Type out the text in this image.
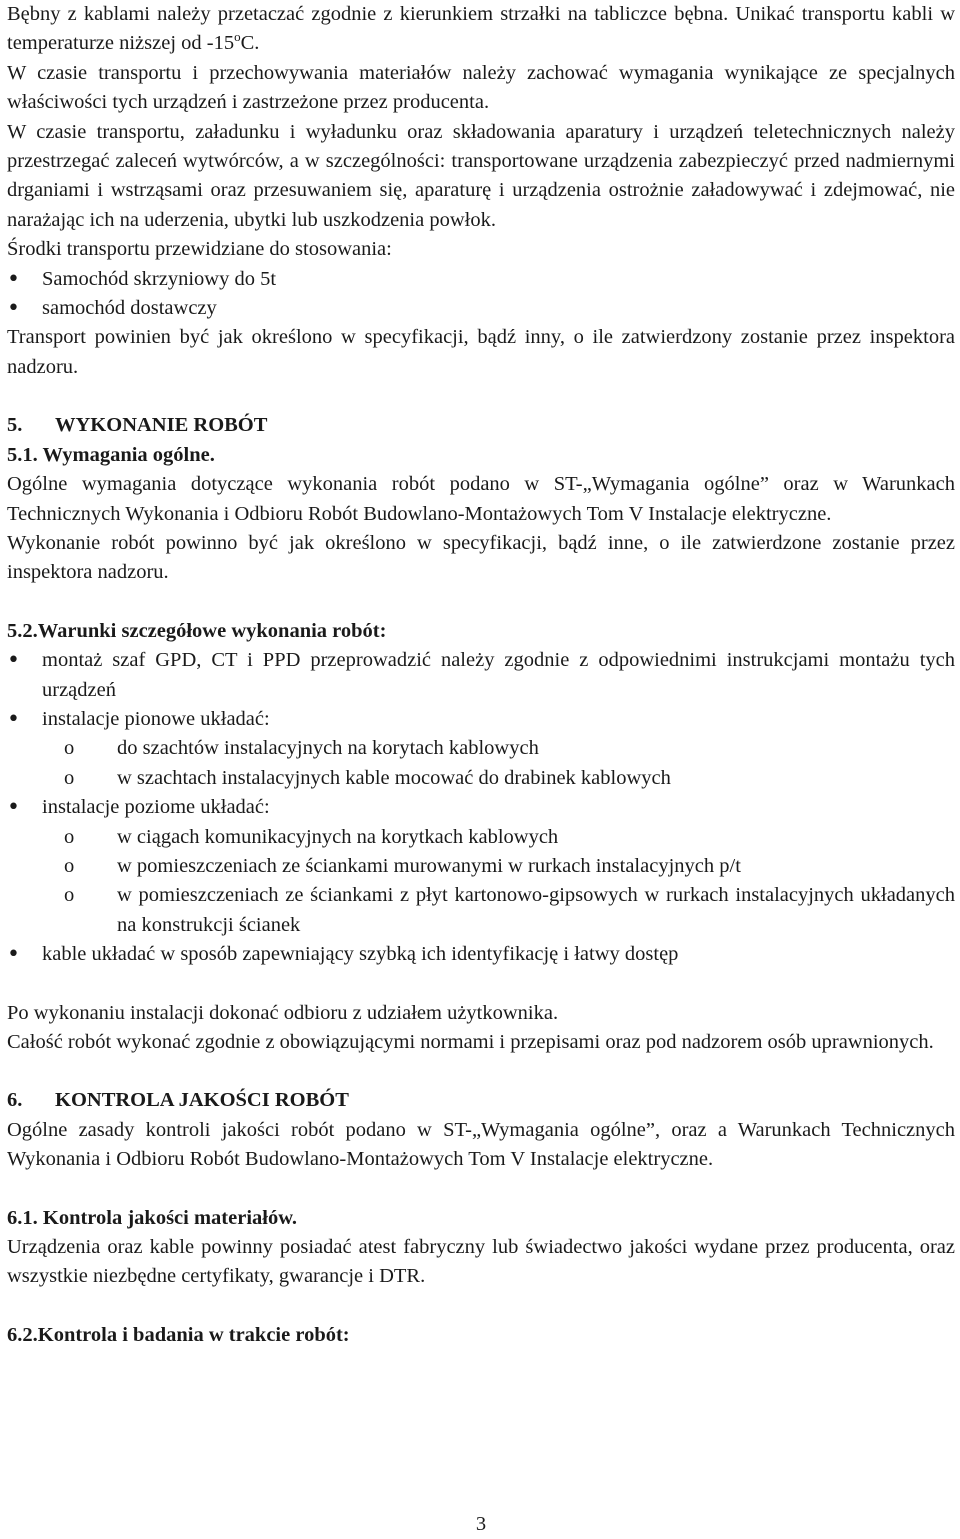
Bębny z kablami należy przetaczać zgodnie z kierunkiem strzałki na tabliczce bębna. Unikać transportu kabli w temperaturze niższej od -15$^o$C.

W czasie transportu i przechowywania materiałów należy zachować wymagania wynikające ze specjalnych właściwości tych urządzeń i zastrzeżone przez producenta.

W czasie transportu, załadunku i wyładunku oraz składowania aparatury i urządzeń teletechnicznych należy przestrzegać zaleceń wytwórców, a w szczególności: transportowane urządzenia zabezpieczyć przed nadmiernymi drganiami i wstrząsami oraz przesuwaniem się, aparaturę i urządzenia ostrożnie załadowywać i zdejmować, nie narażając ich na uderzenia, ubytki lub uszkodzenia powłok.

Środki transportu przewidziane do stosowania:

• Samochód skrzyniowy do 5t
• samochód dostawczy

Transport powinien być jak określono w specyfikacji, bądź inny, o ile zatwierdzony zostanie przez inspektora nadzoru.

5. WYKONANIE ROBÓT
5.1. Wymagania ogólne.

Ogólne wymagania dotyczące wykonania robót podano w ST-„Wymagania ogólne” oraz w Warunkach Technicznych Wykonania i Odbioru Robót Budowlano-Montażowych Tom V Instalacje elektryczne.

Wykonanie robót powinno być jak określono w specyfikacji, bądź inne, o ile zatwierdzone zostanie przez inspektora nadzoru.

5.2.Warunki szczegółowe wykonania robót:
• montaż szaf GPD, CT i PPD przeprowadzić należy zgodnie z odpowiednimi instrukcjami montażu tych urządzeń
• instalacje pionowe układać:
o do szachtów instalacyjnych na korytach kablowych
o w szachtach instalacyjnych kable mocować do drabinek kablowych
• instalacje poziome układać:
o w ciągach komunikacyjnych na korytkach kablowych
o w pomieszczeniach ze ściankami murowanymi w rurkach instalacyjnych p/t
o w pomieszczeniach ze ściankami z płyt kartonowo-gipsowych w rurkach instalacyjnych układanych na konstrukcji ścianek
• kable układać w sposób zapewniający szybką ich identyfikację i łatwy dostęp

Po wykonaniu instalacji dokonać odbioru z udziałem użytkownika.

Całość robót wykonać zgodnie z obowiązującymi normami i przepisami oraz pod nadzorem osób uprawnionych.

6. KONTROLA JAKOŚCI ROBÓT

Ogólne zasady kontroli jakości robót podano w ST-„Wymagania ogólne”, oraz a Warunkach Technicznych Wykonania i Odbioru Robót Budowlano-Montażowych Tom V Instalacje elektryczne.

6.1. Kontrola jakości materiałów.

Urządzenia oraz kable powinny posiadać atest fabryczny lub świadectwo jakości wydane przez producenta, oraz wszystkie niezbędne certyfikaty, gwarancje i DTR.

6.2.Kontrola i badania w trakcie robót:
3
